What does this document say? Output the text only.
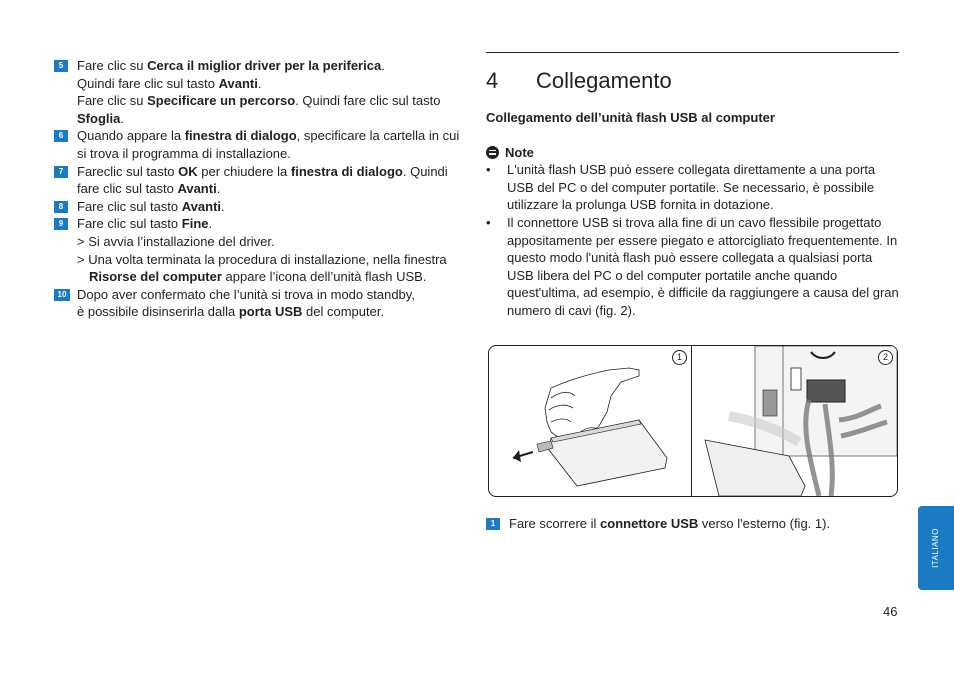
5	Fare clic su Cerca il miglior driver per la periferica.

Quindi fare clic sul tasto Avanti.

Fare clic su Specificare un percorso. Quindi fare clic sul tasto

Sfoglia.

6	Quando appare la finestra di dialogo, specificare la cartella in cui

si trova il programma di installazione.

7	Fareclic sul tasto OK per chiudere la finestra di dialogo. Quindi

fare clic sul tasto Avanti.

8	Fare clic sul tasto Avanti.

9	Fare clic sul tasto Fine.

> Si avvia l’installazione del driver.

> Una volta terminata la procedura di installazione, nella finestra

Risorse del computer appare l’icona dell’unità flash USB.

10 Dopo aver confermato che l’unità si trova in modo standby,

è possibile disinserirla dalla porta USB del computer.

4 Collegamento
Collegamento dell’unità flash USB al computer
Note
• L'unità flash USB può essere collegata direttamente a una porta USB del PC o del computer portatile. Se necessario, è possibile utilizzare la prolunga USB fornita in dotazione.
• Il connettore USB si trova alla fine di un cavo flessibile progettato appositamente per essere piegato e attorcigliato frequentemente. In questo modo l'unità flash può essere collegata a qualsiasi porta USB libera del PC o del computer portatile anche quando quest'ultima, ad esempio, è difficile da raggiungere a causa del gran numero di cavi (fig. 2).
1	2
1	Fare scorrere il connettore USB verso l'esterno (fig. 1).

ITALIANO
46
